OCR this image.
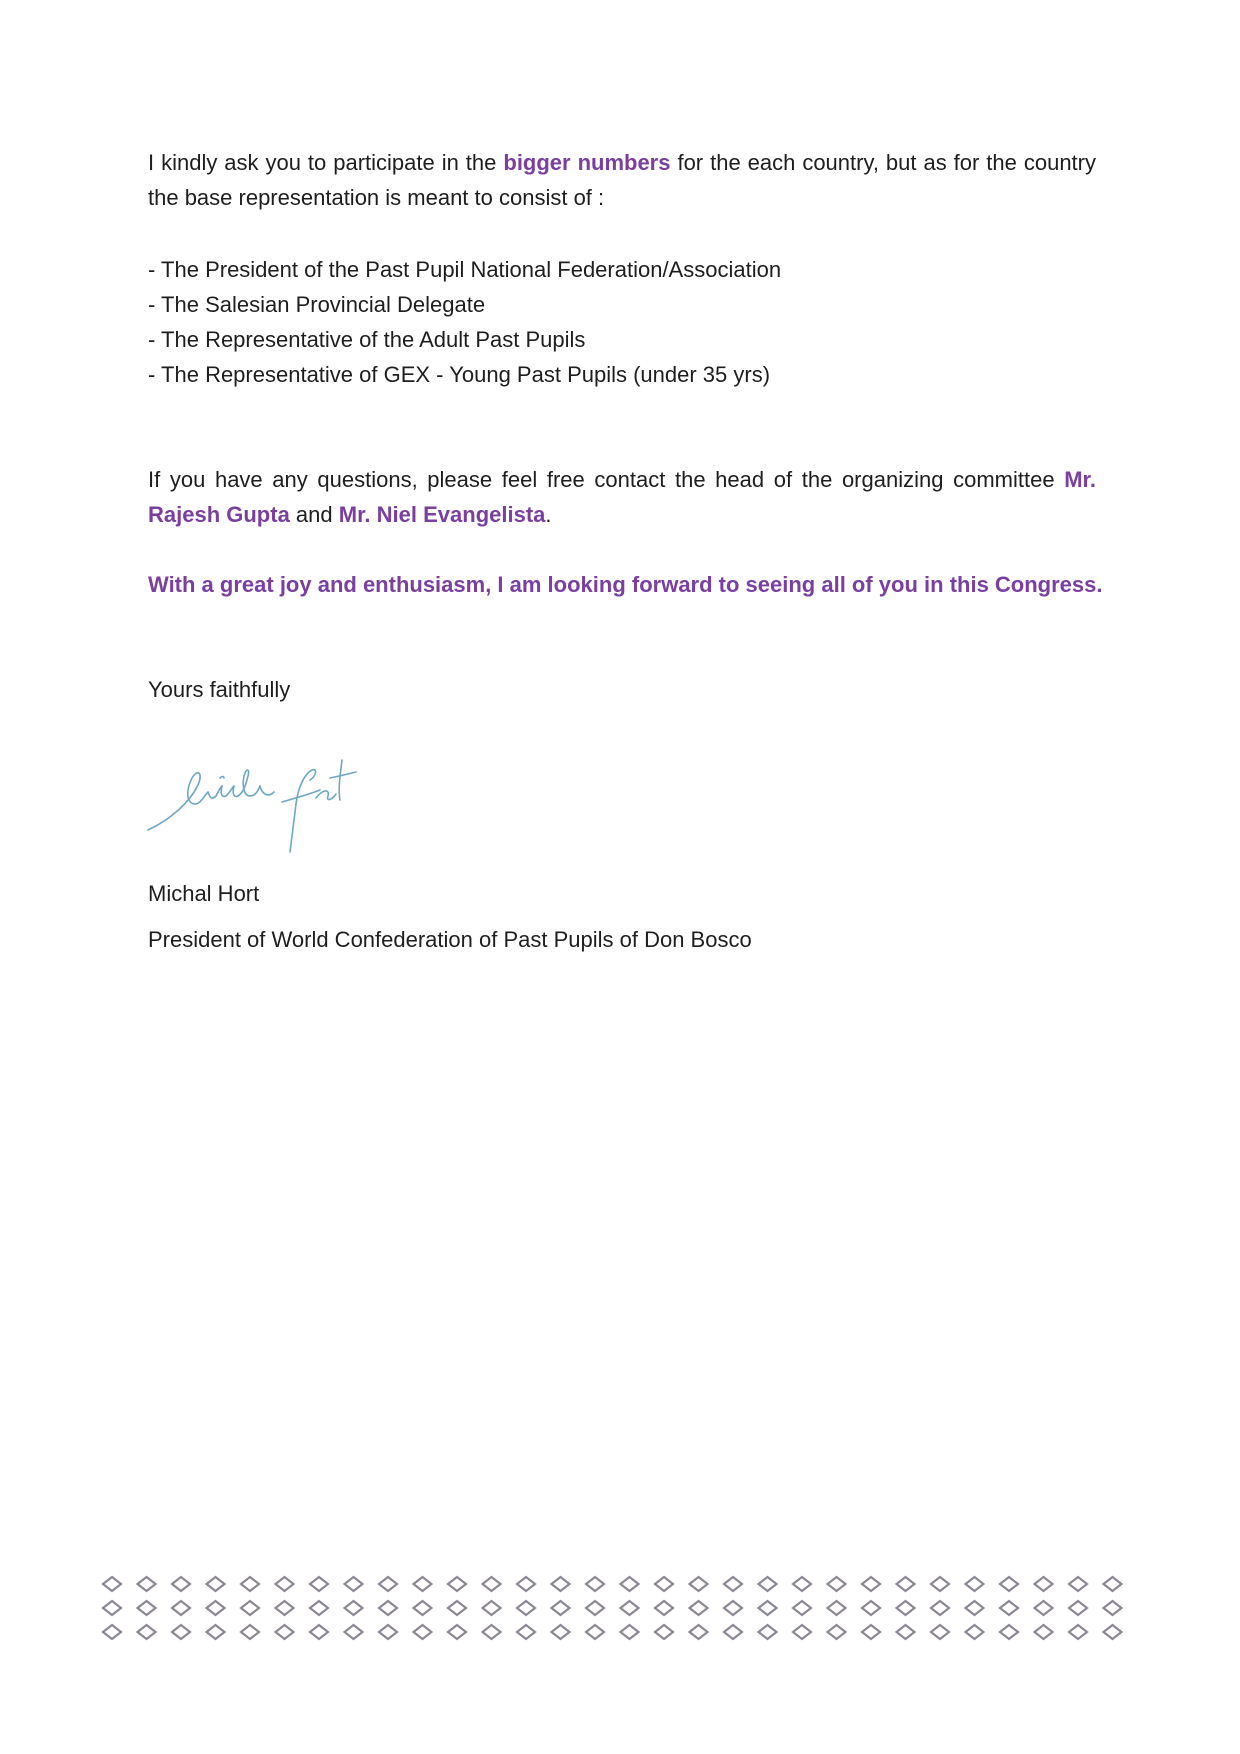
I kindly ask you to participate in the bigger numbers for the each country, but as for the country the base representation is meant to consist of :

- The President of the Past Pupil National Federation/Association
- The Salesian Provincial Delegate
- The Representative of the Adult Past Pupils
- The Representative of GEX - Young Past Pupils (under 35 yrs)

If you have any questions, please feel free contact the head of the organizing committee Mr. Rajesh Gupta and Mr. Niel Evangelista.

With a great joy and enthusiasm, I am looking forward to seeing all of you in this Congress.
Yours faithfully
Michal Hort
President of World Confederation of Past Pupils of Don Bosco
